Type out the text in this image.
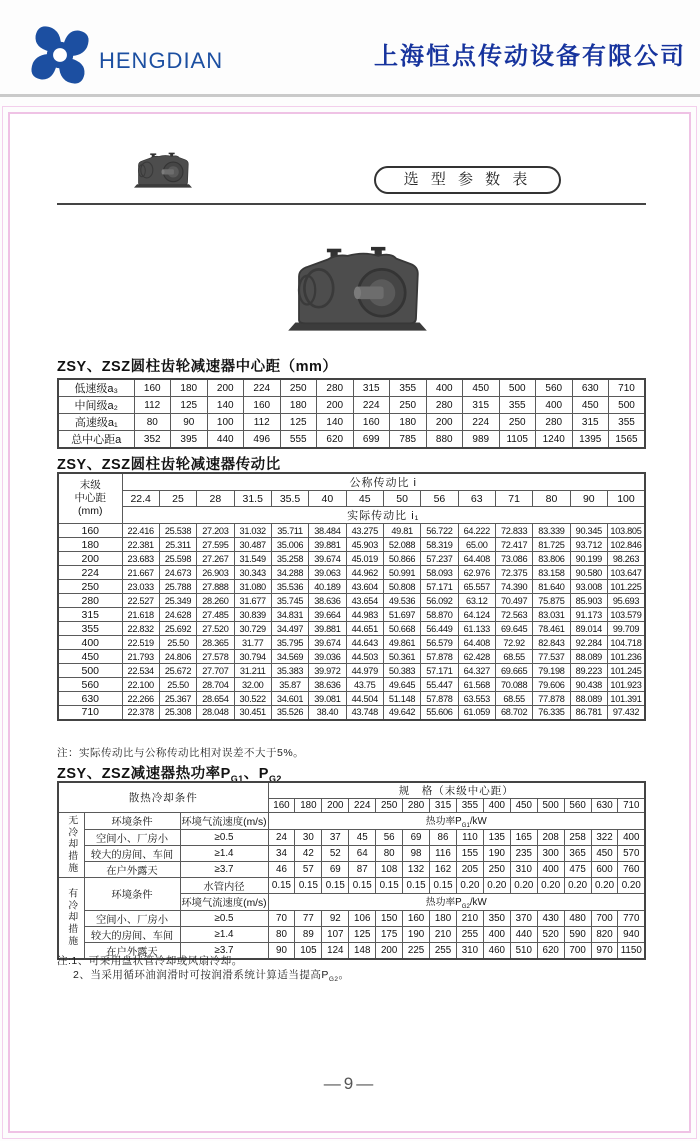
HENGDIAN	上海恒点传动设备有限公司
选 型 参 数 表
ZSY、ZSZ圆柱齿轮减速器中心距（mm）
低速级a₃	160	180	200	224	250	280	315	355	400	450	500	560	630	710
中间级a₂	112	125	140	160	180	200	224	250	280	315	355	400	450	500
高速级a₁	80	90	100	112	125	140	160	180	200	224	250	280	315	355
总中心距a	352	395	440	496	555	620	699	785	880	989	1105	1240	1395	1565
ZSY、ZSZ圆柱齿轮减速器传动比
末级
中心距
(mm)	公称传动比 i													
	22.4	25	28	31.5	35.5	40	45	50	56	63	71	80	90	100
	实际传动比 i₁													
160	22.416	25.538	27.203	31.032	35.711	38.484	43.275	49.81	56.722	64.222	72.833	83.339	90.345	103.805
180	22.381	25.311	27.595	30.487	35.006	39.881	45.903	52.088	58.319	65.00	72.417	81.725	93.712	102.846
200	23.683	25.598	27.267	31.549	35.258	39.674	45.019	50.866	57.237	64.408	73.086	83.806	90.199	98.263
224	21.667	24.673	26.903	30.343	34.288	39.063	44.962	50.991	58.093	62.976	72.375	83.158	90.580	103.647
250	23.033	25.788	27.888	31.080	35.536	40.189	43.604	50.808	57.171	65.557	74.390	81.640	93.008	101.225
280	22.527	25.349	28.260	31.677	35.745	38.636	43.654	49.536	56.092	63.12	70.497	75.875	85.903	95.693
315	21.618	24.628	27.485	30.839	34.831	39.664	44.983	51.697	58.870	64.124	72.563	83.031	91.173	103.579
355	22.832	25.692	27.520	30.729	34.497	39.881	44.651	50.668	56.449	61.133	69.645	78.461	89.014	99.709
400	22.519	25.50	28.365	31.77	35.795	39.674	44.643	49.861	56.579	64.408	72.92	82.843	92.284	104.718
450	21.793	24.806	27.578	30.794	34.569	39.036	44.503	50.361	57.878	62.428	68.55	77.537	88.089	101.236
500	22.534	25.672	27.707	31.211	35.383	39.972	44.979	50.383	57.171	64.327	69.665	79.198	89.223	101.245
560	22.100	25.50	28.704	32.00	35.87	38.636	43.75	49.645	55.447	61.568	70.088	79.606	90.438	101.923
630	22.266	25.367	28.654	30.522	34.601	39.081	44.504	51.148	57.878	63.553	68.55	77.878	88.089	101.391
710	22.378	25.308	28.048	30.451	35.526	38.40	43.748	49.642	55.606	61.059	68.702	76.335	86.781	97.432
注：实际传动比与公称传动比相对误差不大于5%。
ZSY、ZSZ减速器热功率$P_{G1}$、$P_{G2}$
散热冷却条件			规　格（末级中心距）													
			160	180	200	224	250	280	315	355	400	450	500	560	630	710
无冷却措施	环境条件	环境气流速度(m/s)	热功率$P_{G1}/kW$													
	空间小、厂房小	≥0.5	24	30	37	45	56	69	86	110	135	165	208	258	322	400
	较大的房间、车间	≥1.4	34	42	52	64	80	98	116	155	190	235	300	365	450	570
	在户外露天	≥3.7	46	57	69	87	108	132	162	205	250	310	400	475	600	760
有冷却措施	环境条件	水管内径	0.15	0.15	0.15	0.15	0.15	0.15	0.15	0.20	0.20	0.20	0.20	0.20	0.20	0.20
		环境气流速度(m/s)	热功率$P_{G2}/kW$													
	空间小、厂房小	≥0.5	70	77	92	106	150	160	180	210	350	370	430	480	700	770
	较大的房间、车间	≥1.4	80	89	107	125	175	190	210	255	400	440	520	590	820	940
	在户外露天	≥3.7	90	105	124	148	200	225	255	310	460	510	620	700	970	1150
注:1、可采用盘状管冷却或风扇冷却。
2、当采用循环油润滑时可按润滑系统计算适当提高$P_{G2}$。
—9—
